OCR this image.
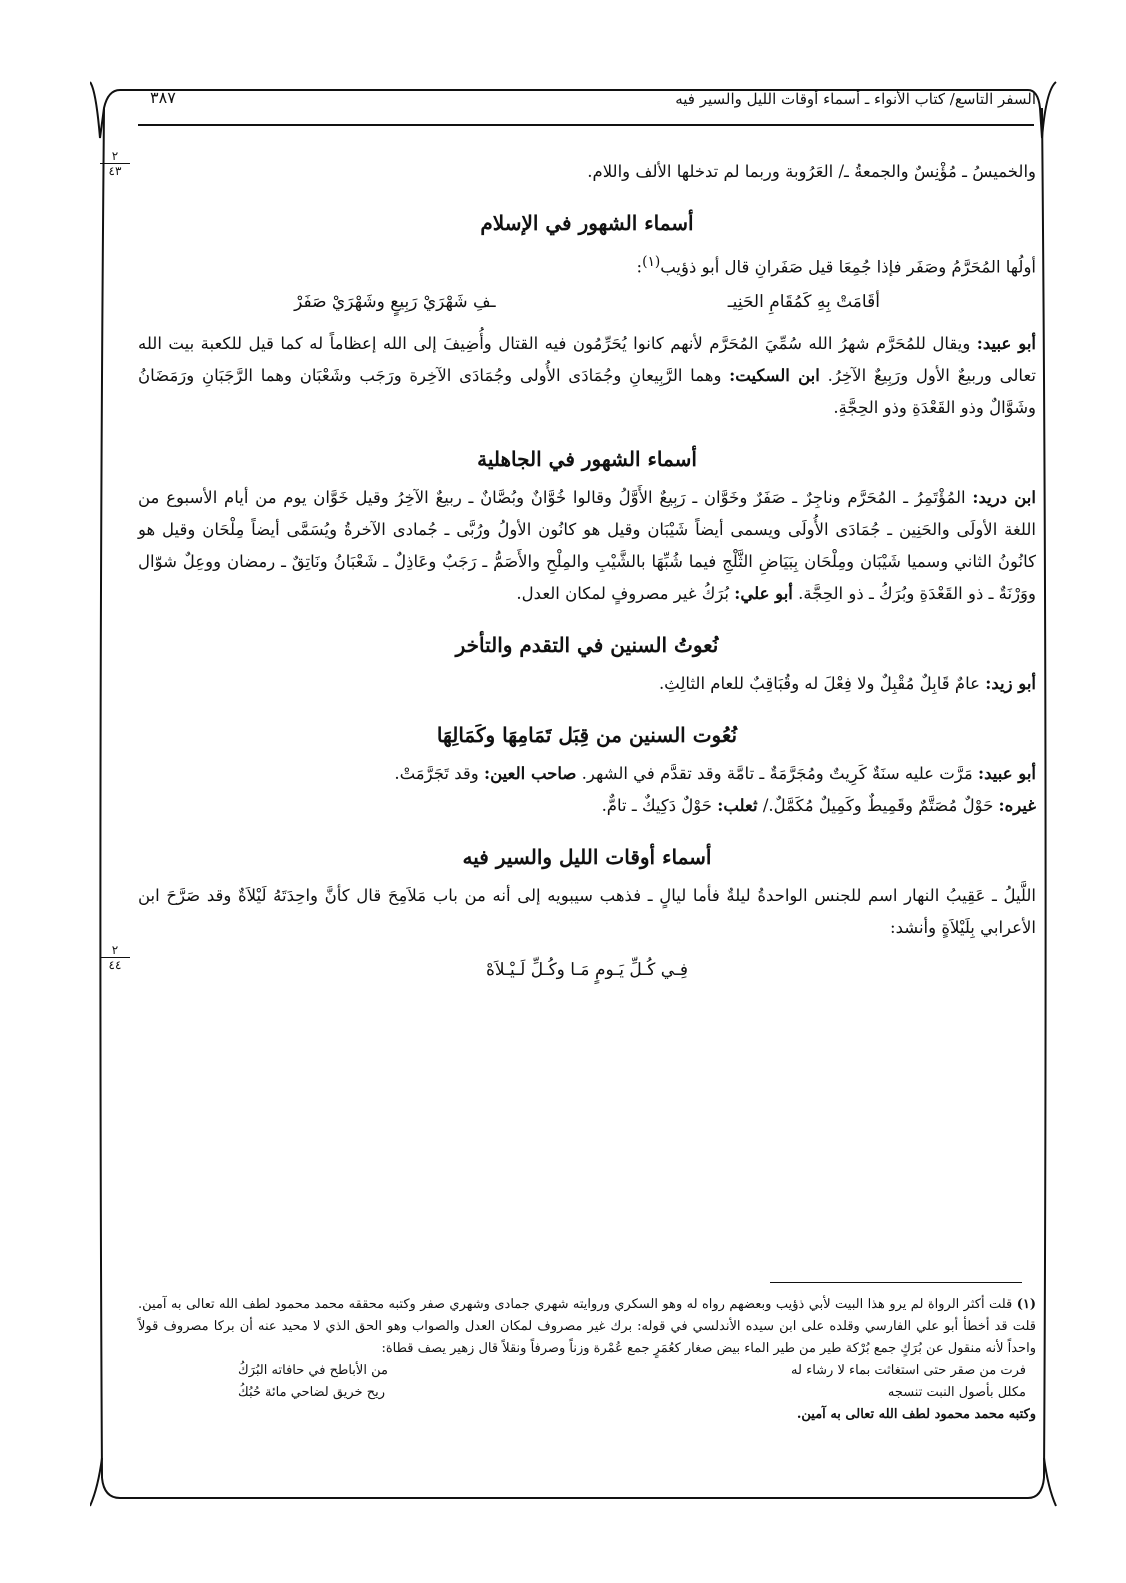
السفر التاسع/ كتاب الأنواء ـ أسماء أوقات الليل والسير فيه
٣٨٧
٢
٤٣
٢
٤٤

والخميسُ ـ مُؤْنِسٌ والجمعةُ ـ/ العَرُوبة وربما لم تدخلها الألف واللام.

أسماء الشهور في الإسلام

أولُها المُحَرَّمُ وصَفَر فإذا جُمِعَا قيل صَفَرانِ قال أبو ذؤيب$^{(١)}$:

أقَامَتْ بِهِ كَمُقَامِ الحَنِيـ
ـفِ شَهْرَيْ رَبِيعٍ وشَهْرَيْ صَفَرْ

أبو عبيد: ويقال للمُحَرَّم شهرُ الله سُمِّيَ المُحَرَّم لأنهم كانوا يُحَرِّمُون فيه القتال وأُضِيفَ إلى الله إعظاماً له كما قيل للكعبة بيت الله تعالى وربيعٌ الأول ورَبِيعٌ الآخِرُ. ابن السكيت: وهما الرَّبِيعانِ وجُمَادَى الأُولى وجُمَادَى الآخِرة ورَجَب وشَعْبَان وهما الرَّجَبَانِ ورَمَضَانُ وشَوَّالٌ وذو القَعْدَةِ وذو الحِجَّةِ.

أسماء الشهور في الجاهلية

ابن دريد: المُؤْتَمِرُ ـ المُحَرَّم وناجِرٌ ـ صَفَرٌ وخَوَّان ـ رَبِيعٌ الأَوَّلُ وقالوا خُوَّانٌ وبُصَّانٌ ـ ربيعٌ الآخِرُ وقيل خَوَّان يوم من أيام الأسبوع من اللغة الأولَى والحَنِين ـ جُمَادَى الأُولَى ويسمى أيضاً شَيْبَان وقيل هو كانُون الأولُ ورُبَّى ـ جُمادى الآخرةُ ويُسَمَّى أيضاً مِلْحَان وقيل هو كانُونُ الثاني وسميا شَيْبَان ومِلْحَان بِبَيَاضِ الثَّلْجِ فيما شُبِّهَا بالشَّيْبِ والمِلْحِ والأَصَمُّ ـ رَجَبٌ وعَاذِلٌ ـ شَعْبَانُ ونَاتِقٌ ـ رمضان ووعِلٌ شوّال ووَرْنَةٌ ـ ذو القَعْدَةِ وبُرَكُ ـ ذو الحِجَّة. أبو علي: بُرَكُ غير مصروفٍ لمكان العدل.

نُعوتُ السنين في التقدم والتأخر

أبو زيد: عامٌ قَابِلٌ مُقْبِلٌ ولا فِعْلَ له وقُبَاقِبٌ للعام الثالِثِ.

نُعُوت السنين من قِبَل تَمَامِهَا وكَمَالِهَا

أبو عبيد: مَرَّت عليه سنَةٌ كَرِيتٌ ومُجَرَّمَةٌ ـ تامَّة وقد تقدَّم في الشهر. صاحب العين: وقد تَجَرَّمَتْ.

غيره: حَوْلٌ مُصَتَّمٌ وقَمِيطٌ وكَمِيلٌ مُكَمَّلٌ./ ثعلب: حَوْلٌ دَكِيكٌ ـ تامٌّ.

أسماء أوقات الليل والسير فيه

اللَّيلُ ـ عَقِيبُ النهار اسم للجنس الواحدةُ ليلةٌ فأما ليالٍ ـ فذهب سيبويه إلى أنه من باب مَلاَمِحَ قال كأنَّ واحِدَتَهُ لَيْلاَةٌ وقد صَرَّحَ ابن الأعرابي بِلَيْلاَةٍ وأنشد:

فِـي كُـلِّ يَـومٍ مَـا وكُـلِّ لَـيْـلاَهْ

(١) قلت أكثر الرواة لم يرو هذا البيت لأبي ذؤيب وبعضهم رواه له وهو السكري وروايته شهري جمادى وشهري صفر وكتبه محققه محمد محمود لطف الله تعالى به آمين. قلت قد أخطأ أبو علي الفارسي وقلده على ابن سيده الأندلسي في قوله: برك غير مصروف لمكان العدل والصواب وهو الحق الذي لا محيد عنه أن بركا مصروف قولاً واحداً لأنه منقول عن بُرَكٍ جمع بُرْكة طير من طير الماء بيض صغار كعُمَرٍ جمع عُمْرة وزناً وصرفاً ونقلاً قال زهير يصف قطاة:

فرت من صقر حتى استغاثت بماء لا رشاء له
من الأباطح في حافاته البُرَكُ
مكلل بأصول النبت تنسجه
ريح خريق لضاحي مائة حُبُكُ

وكتبه محمد محمود لطف الله تعالى به آمين.
